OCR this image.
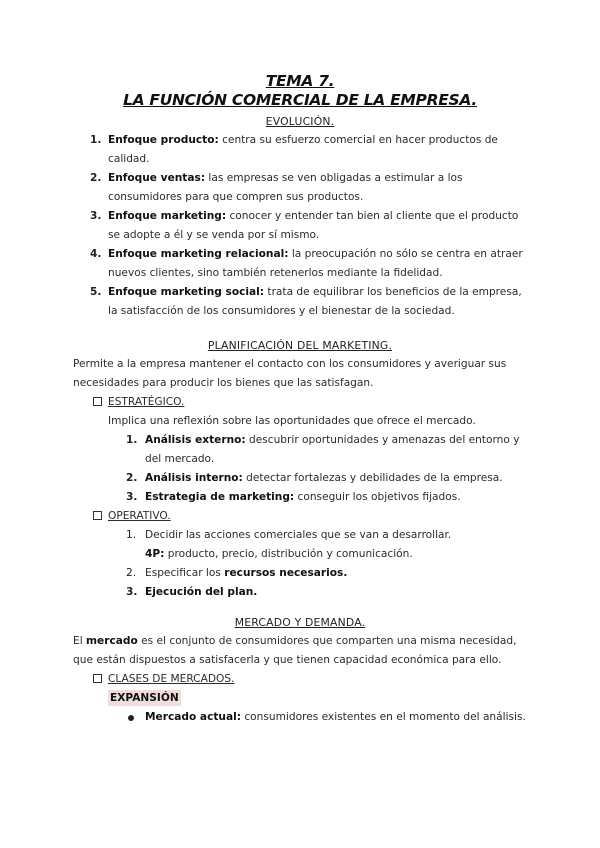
TEMA 7.
LA FUNCIÓN COMERCIAL DE LA EMPRESA.
EVOLUCIÓN.
1. Enfoque producto: centra su esfuerzo comercial en hacer productos de calidad.
2. Enfoque ventas: las empresas se ven obligadas a estimular a los consumidores para que compren sus productos.
3. Enfoque marketing: conocer y entender tan bien al cliente que el producto se adopte a él y se venda por sí mismo.
4. Enfoque marketing relacional: la preocupación no sólo se centra en atraer nuevos clientes, sino también retenerlos mediante la fidelidad.
5. Enfoque marketing social: trata de equilibrar los beneficios de la empresa, la satisfacción de los consumidores y el bienestar de la sociedad.
PLANIFICACIÓN DEL MARKETING.
Permite a la empresa mantener el contacto con los consumidores y averiguar sus necesidades para producir los bienes que las satisfagan.
ESTRATÉGICO.
Implica una reflexión sobre las oportunidades que ofrece el mercado.
1. Análisis externo: descubrir oportunidades y amenazas del entorno y del mercado.
2. Análisis interno: detectar fortalezas y debilidades de la empresa.
3. Estrategia de marketing: conseguir los objetivos fijados.
OPERATIVO.
1. Decidir las acciones comerciales que se van a desarrollar.
4P: producto, precio, distribución y comunicación.
2. Especificar los recursos necesarios.
3. Ejecución del plan.
MERCADO Y DEMANDA.
El mercado es el conjunto de consumidores que comparten una misma necesidad, que están dispuestos a satisfacerla y que tienen capacidad económica para ello.
CLASES DE MERCADOS.
EXPANSIÓN
Mercado actual: consumidores existentes en el momento del análisis.
